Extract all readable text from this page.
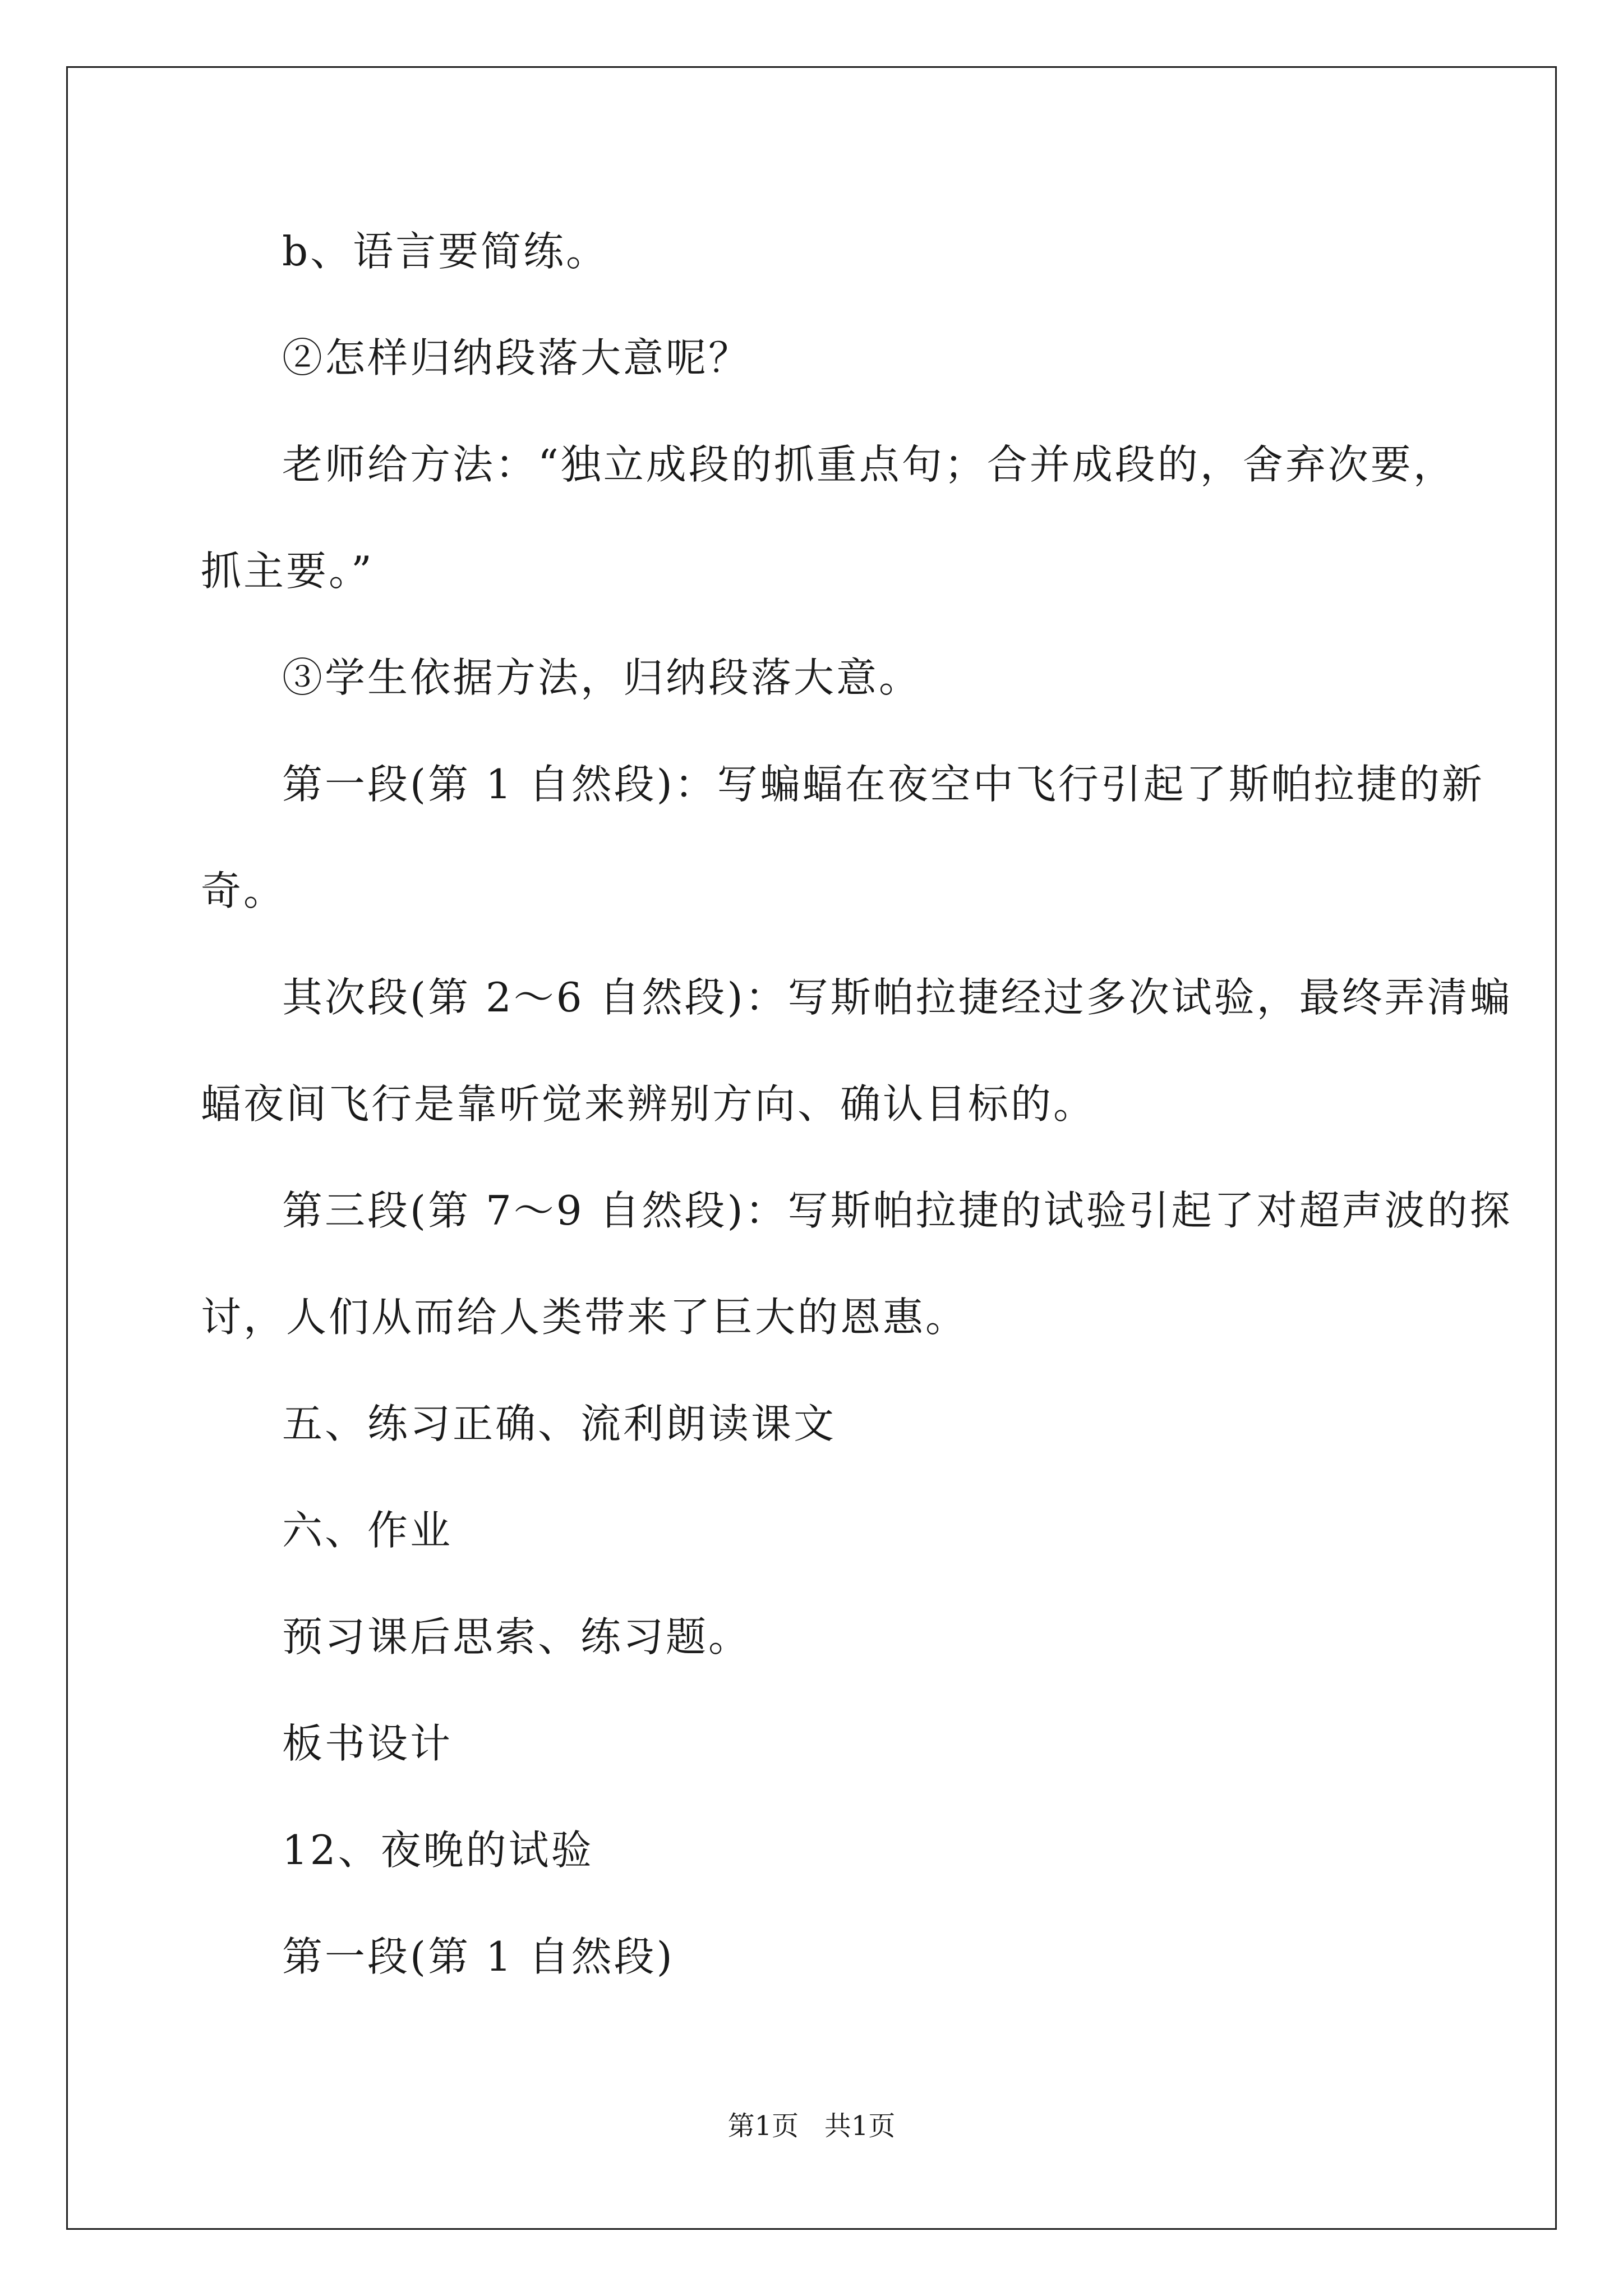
b、语言要简练。
②怎样归纳段落大意呢？
老师给方法：“独立成段的抓重点句；合并成段的，舍弃次要，
抓主要。”
③学生依据方法，归纳段落大意。
第一段(第 1 自然段)：写蝙蝠在夜空中飞行引起了斯帕拉捷的新
奇。
其次段(第 2～6 自然段)：写斯帕拉捷经过多次试验，最终弄清蝙
蝠夜间飞行是靠听觉来辨别方向、确认目标的。
第三段(第 7～9 自然段)：写斯帕拉捷的试验引起了对超声波的探
讨，人们从而给人类带来了巨大的恩惠。
五、练习正确、流利朗读课文
六、作业
预习课后思索、练习题。
板书设计
12、夜晚的试验
第一段(第 1 自然段)
第1页   共1页
